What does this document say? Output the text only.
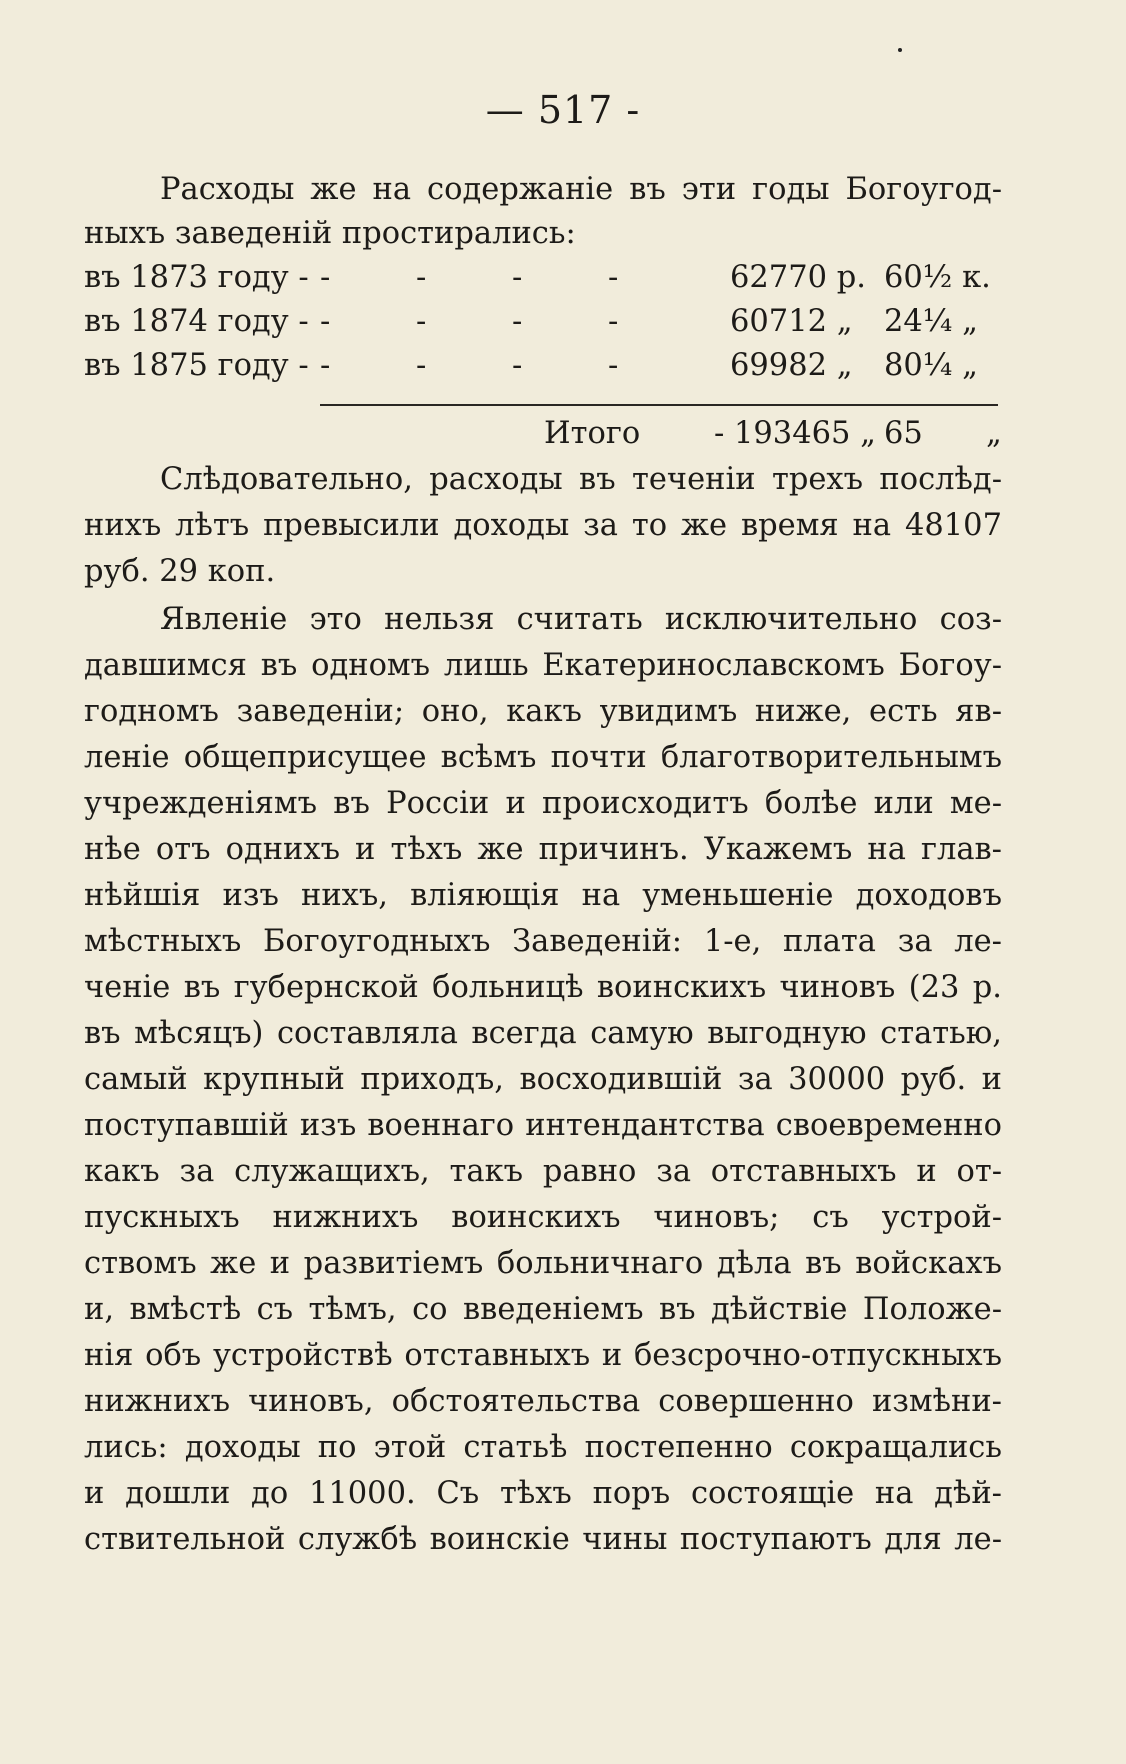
— 517 -
Расходы же на содержанiе въ эти годы Богоугод-
ныхъ заведенiй простирались:
въ 1873 году - - - - - 62770 р. 60½ к.
въ 1874 году - - - - - 60712 „ 24¼ „
въ 1875 году - - - - - 69982 „ 80¼ „
Итого - 193465 „ 65 „
Слѣдовательно, расходы въ теченiи трехъ послѣд-
нихъ лѣтъ превысили доходы за то же время на 48107
руб. 29 коп.
Явленiе это нельзя считать исключительно соз-
давшимся въ одномъ лишь Екатеринославскомъ Богоу-
годномъ заведенiи; оно, какъ увидимъ ниже, есть яв-
ленiе общеприсущее всѣмъ почти благотворительнымъ
учрежденiямъ въ Россiи и происходитъ болѣе или ме-
нѣе отъ однихъ и тѣхъ же причинъ. Укажемъ на глав-
нѣйшiя изъ нихъ, влiяющiя на уменьшенiе доходовъ
мѣстныхъ Богоугодныхъ Заведенiй: 1-е, плата за ле-
ченiе въ губернской больницѣ воинскихъ чиновъ (23 р.
въ мѣсяцъ) составляла всегда самую выгодную статью,
самый крупный приходъ, восходившiй за 30000 руб. и
поступавшiй изъ военнаго интендантства своевременно
какъ за служащихъ, такъ равно за отставныхъ и от-
пускныхъ нижнихъ воинскихъ чиновъ; съ устрой-
ствомъ же и развитiемъ больничнаго дѣла въ войскахъ
и, вмѣстѣ съ тѣмъ, со введенiемъ въ дѣйствiе Положе-
нiя объ устройствѣ отставныхъ и безсрочно-отпускныхъ
нижнихъ чиновъ, обстоятельства совершенно измѣни-
лись: доходы по этой статьѣ постепенно сокращались
и дошли до 11000. Съ тѣхъ поръ состоящiе на дѣй-
ствительной службѣ воинскiе чины поступаютъ для ле-
